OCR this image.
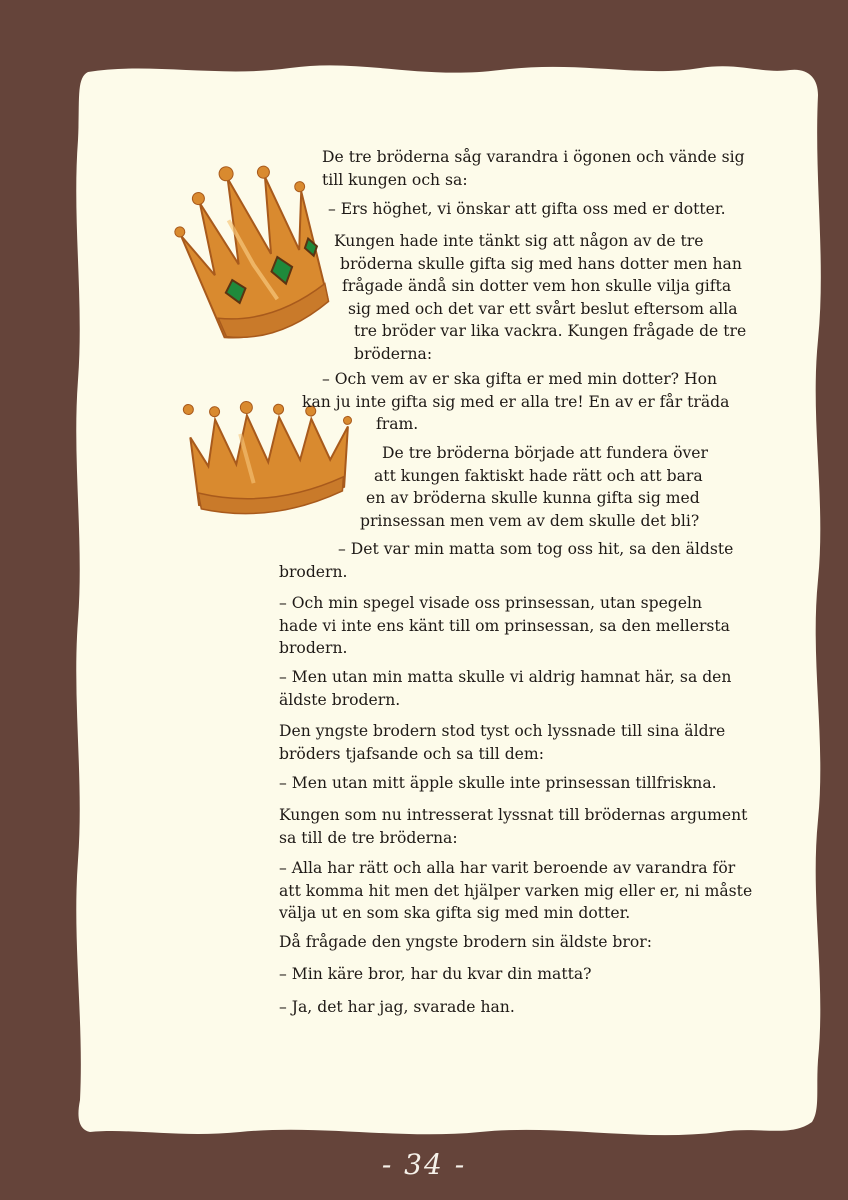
De tre bröderna såg varandra i ögonen och vände sig
till kungen och sa:

– Ers höghet, vi önskar att gifta oss med er dotter.

Kungen hade inte tänkt sig att någon av de tre
bröderna skulle gifta sig med hans dotter men han
frågade ändå sin dotter vem hon skulle vilja gifta
sig med och det var ett svårt beslut eftersom alla
tre bröder var lika vackra. Kungen frågade de tre
bröderna:

– Och vem av er ska gifta er med min dotter? Hon
kan ju inte gifta sig med er alla tre! En av er får träda
fram.

De tre bröderna började att fundera över
att kungen faktiskt hade rätt och att bara
en av bröderna skulle kunna gifta sig med
prinsessan men vem av dem skulle det bli?

– Det var min matta som tog oss hit, sa den äldste
brodern.

– Och min spegel visade oss prinsessan, utan spegeln
hade vi inte ens känt till om prinsessan, sa den mellersta
brodern.

– Men utan min matta skulle vi aldrig hamnat här, sa den
äldste brodern.

Den yngste brodern stod tyst och lyssnade till sina äldre
bröders tjafsande och sa till dem:

– Men utan mitt äpple skulle inte prinsessan tillfriskna.

Kungen som nu intresserat lyssnat till brödernas argument
sa till de tre bröderna:

– Alla har rätt och alla har varit beroende av varandra för
att komma hit men det hjälper varken mig eller er, ni måste
välja ut en som ska gifta sig med min dotter.

Då frågade den yngste brodern sin äldste bror:

– Min käre bror, har du kvar din matta?

– Ja, det har jag, svarade han.

- 34 -
